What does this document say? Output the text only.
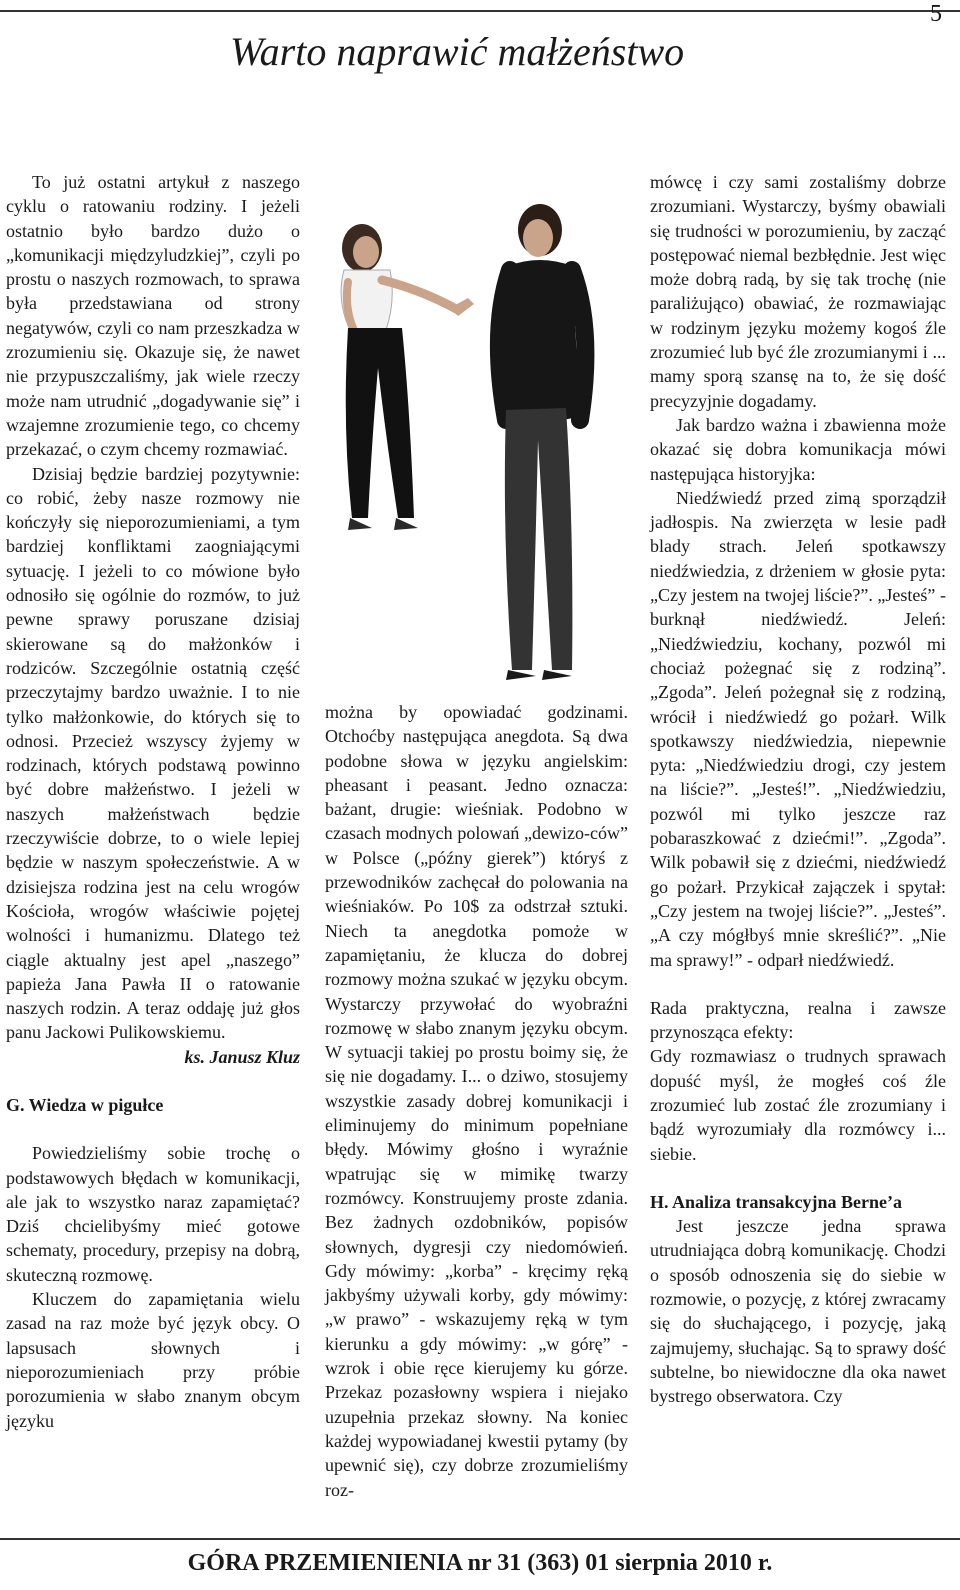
5
Warto naprawić małżeństwo

To już ostatni artykuł z naszego cyklu o ratowaniu rodziny. I jeżeli ostatnio było bardzo dużo o „komunikacji międzyludzkiej”, czyli po prostu o naszych rozmowach, to sprawa była przedstawiana od strony negatywów, czyli co nam przeszkadza w zrozumieniu się. Okazuje się, że nawet nie przypuszczaliśmy, jak wiele rzeczy może nam utrudnić „dogadywanie się” i wzajemne zrozumienie tego, co chcemy przekazać, o czym chcemy rozmawiać.

Dzisiaj będzie bardziej pozytywnie: co robić, żeby nasze rozmowy nie kończyły się nieporozumieniami, a tym bardziej konfliktami zaogniającymi sytuację. I jeżeli to co mówione było odnosiło się ogólnie do rozmów, to już pewne sprawy poruszane dzisiaj skierowane są do małżonków i rodziców. Szczególnie ostatnią część przeczytajmy bardzo uważnie. I to nie tylko małżonkowie, do których się to odnosi. Przecież wszyscy żyjemy w rodzinach, których podstawą powinno być dobre małżeństwo. I jeżeli w naszych małżeństwach będzie rzeczywiście dobrze, to o wiele lepiej będzie w naszym społeczeństwie. A w dzisiejsza rodzina jest na celu wrogów Kościoła, wrogów właściwie pojętej wolności i humanizmu. Dlatego też ciągle aktualny jest apel „naszego” papieża Jana Pawła II o ratowanie naszych rodzin. A teraz oddaję już głos panu Jackowi Pulikowskiemu.

ks. Janusz Kluz
G. Wiedza w pigułce

Powiedzieliśmy sobie trochę o podstawowych błędach w komunikacji, ale jak to wszystko naraz zapamiętać? Dziś chcielibyśmy mieć gotowe schematy, procedury, przepisy na dobrą, skuteczną rozmowę.

Kluczem do zapamiętania wielu zasad na raz może być język obcy. O lapsusach słownych i nieporozumieniach przy próbie porozumienia w słabo znanym obcym języku

można by opowiadać godzinami. Otchoćby następująca anegdota. Są dwa podobne słowa w języku angielskim: pheasant i peasant. Jedno oznacza: bażant, drugie: wieśniak. Podobno w czasach modnych polowań „dewizo-ców” w Polsce („późny gierek”) któryś z przewodników zachęcał do polowania na wieśniaków. Po 10$ za odstrzał sztuki. Niech ta anegdotka pomoże w zapamiętaniu, że klucza do dobrej rozmowy można szukać w języku obcym. Wystarczy przywołać do wyobraźni rozmowę w słabo znanym języku obcym. W sytuacji takiej po prostu boimy się, że się nie dogadamy. I... o dziwo, stosujemy wszystkie zasady dobrej komunikacji i eliminujemy do minimum popełniane błędy. Mówimy głośno i wyraźnie wpatrując się w mimikę twarzy rozmówcy. Konstruujemy proste zdania. Bez żadnych ozdobników, popisów słownych, dygresji czy niedomówień. Gdy mówimy: „korba” - kręcimy ręką jakbyśmy używali korby, gdy mówimy: „w prawo” - wskazujemy ręką w tym kierunku a gdy mówimy: „w górę” - wzrok i obie ręce kierujemy ku górze. Przekaz pozasłowny wspiera i niejako uzupełnia przekaz słowny. Na koniec każdej wypowiadanej kwestii pytamy (by upewnić się), czy dobrze zrozumieliśmy roz-

mówcę i czy sami zostaliśmy dobrze zrozumiani. Wystarczy, byśmy obawiali się trudności w porozumieniu, by zacząć postępować niemal bezbłędnie. Jest więc może dobrą radą, by się tak trochę (nie paraliżująco) obawiać, że rozmawiając w rodzinym języku możemy kogoś źle zrozumieć lub być źle zrozumianymi i ... mamy sporą szansę na to, że się dość precyzyjnie dogadamy.

Jak bardzo ważna i zbawienna może okazać się dobra komunikacja mówi następująca historyjka:

Niedźwiedź przed zimą sporządził jadłospis. Na zwierzęta w lesie padł blady strach. Jeleń spotkawszy niedźwiedzia, z drżeniem w głosie pyta: „Czy jestem na twojej liście?”. „Jesteś” - burknął niedźwiedź. Jeleń: „Niedźwiedziu, kochany, pozwól mi chociaż pożegnać się z rodziną”. „Zgoda”. Jeleń pożegnał się z rodziną, wrócił i niedźwiedź go pożarł. Wilk spotkawszy niedźwiedzia, niepewnie pyta: „Niedźwiedziu drogi, czy jestem na liście?”. „Jesteś!”. „Niedźwiedziu, pozwól mi tylko jeszcze raz pobaraszkować z dziećmi!”. „Zgoda”. Wilk pobawił się z dziećmi, niedźwiedź go pożarł. Przykicał zajączek i spytał: „Czy jestem na twojej liście?”. „Jesteś”. „A czy mógłbyś mnie skreślić?”. „Nie ma sprawy!” - odparł niedźwiedź.

Rada praktyczna, realna i zawsze przynosząca efekty:

Gdy rozmawiasz o trudnych sprawach dopuść myśl, że mogłeś coś źle zrozumieć lub zostać źle zrozumiany i bądź wyrozumiały dla rozmówcy i... siebie.

H. Analiza transakcyjna Berne’a

Jest jeszcze jedna sprawa utrudniająca dobrą komunikację. Chodzi o sposób odnoszenia się do siebie w rozmowie, o pozycję, z której zwracamy się do słuchającego, i pozycję, jaką zajmujemy, słuchając. Są to sprawy dość subtelne, bo niewidoczne dla oka nawet bystrego obserwatora. Czy

GÓRA PRZEMIENIENIA nr 31 (363) 01 sierpnia 2010 r.
